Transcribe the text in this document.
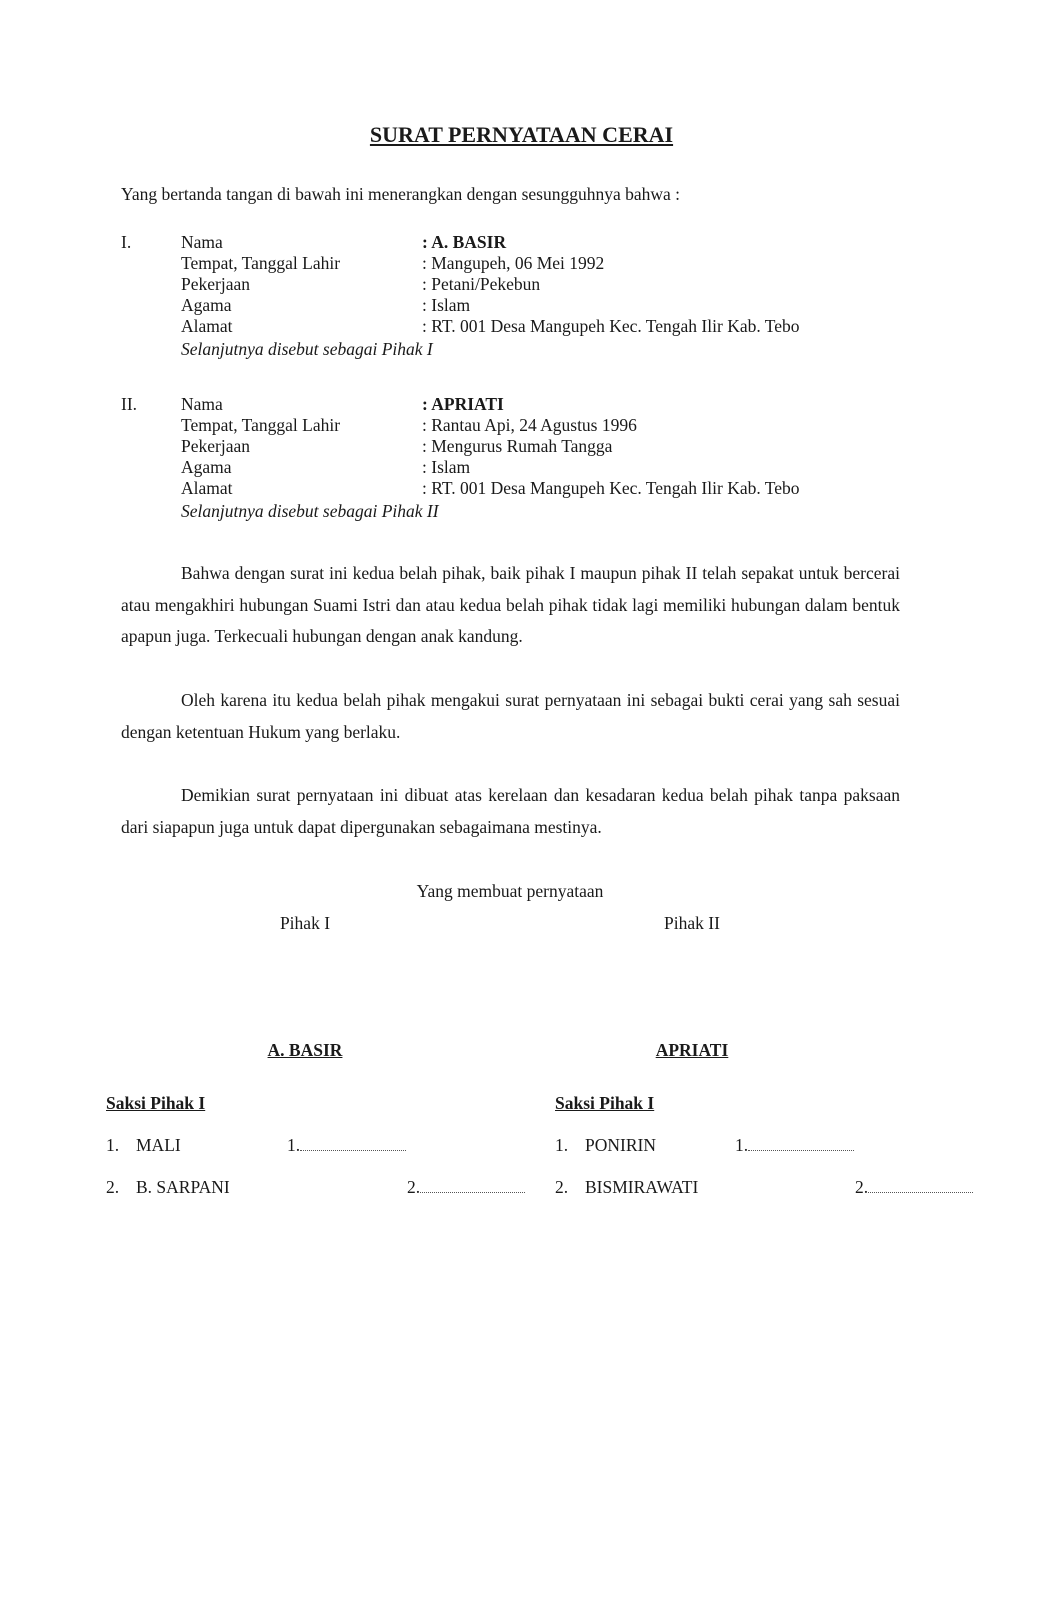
SURAT PERNYATAAN CERAI
Yang bertanda tangan di bawah ini menerangkan dengan sesungguhnya bahwa :
I.	Nama	: A. BASIR
Tempat, Tanggal Lahir	: Mangupeh, 06 Mei 1992
Pekerjaan	: Petani/Pekebun
Agama	: Islam
Alamat	: RT. 001 Desa Mangupeh Kec. Tengah Ilir Kab. Tebo
Selanjutnya disebut sebagai Pihak I
II.	Nama	: APRIATI
Tempat, Tanggal Lahir	: Rantau Api, 24 Agustus 1996
Pekerjaan	: Mengurus Rumah Tangga
Agama	: Islam
Alamat	: RT. 001 Desa Mangupeh Kec. Tengah Ilir Kab. Tebo
Selanjutnya disebut sebagai Pihak II

Bahwa dengan surat ini kedua belah pihak, baik pihak I maupun pihak II telah sepakat untuk bercerai atau mengakhiri hubungan Suami Istri dan atau kedua belah pihak tidak lagi memiliki hubungan dalam bentuk apapun juga. Terkecuali hubungan dengan anak kandung.

Oleh karena itu kedua belah pihak mengakui surat pernyataan ini sebagai bukti cerai yang sah sesuai dengan ketentuan Hukum yang berlaku.

Demikian surat pernyataan ini dibuat atas kerelaan dan kesadaran kedua belah pihak tanpa paksaan dari siapapun juga untuk dapat dipergunakan sebagaimana mestinya.

Yang membuat pernyataan
Pihak I	Pihak II
A. BASIR	APRIATI
Saksi Pihak I
1. MALI	1.
2. B. SARPANI	2.
Saksi Pihak I
1. PONIRIN	1.
2. BISMIRAWATI	2.
